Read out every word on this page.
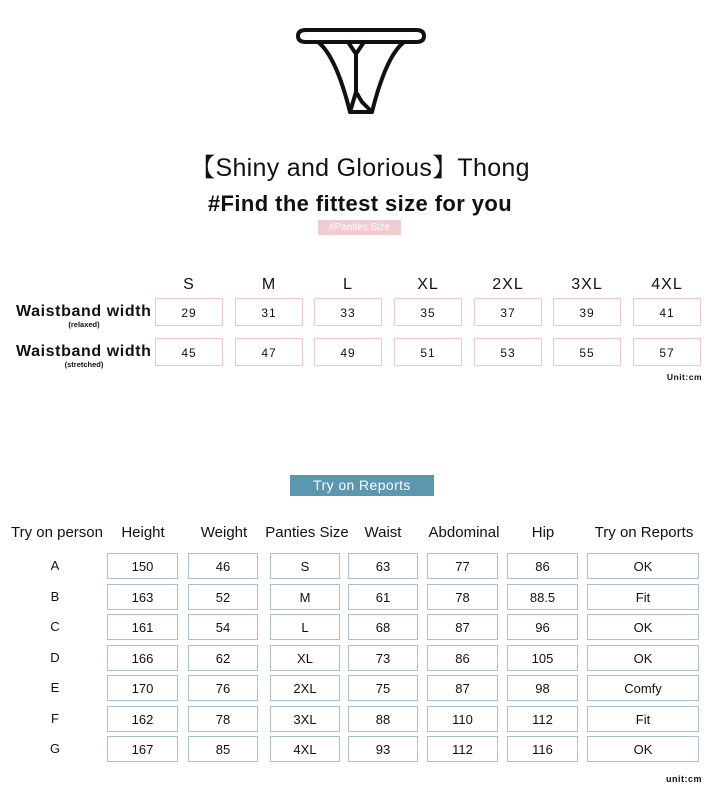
【Shiny and Glorious】Thong
#Find the fittest size for you
#Panties Size
S	M	L	XL	2XL	3XL	4XL
Waistband width
(relaxed)
29	31	33	35	37	39	41
Waistband width
(stretched)
45	47	49	51	53	55	57
Unit:cm
Try on Reports
Try on person	Height	Weight	Panties Size	Waist	Abdominal	Hip	Try on Reports
A	150	46	S	63	77	86	OK
B	163	52	M	61	78	88.5	Fit
C	161	54	L	68	87	96	OK
D	166	62	XL	73	86	105	OK
E	170	76	2XL	75	87	98	Comfy
F	162	78	3XL	88	110	112	Fit
G	167	85	4XL	93	112	116	OK
unit:cm
